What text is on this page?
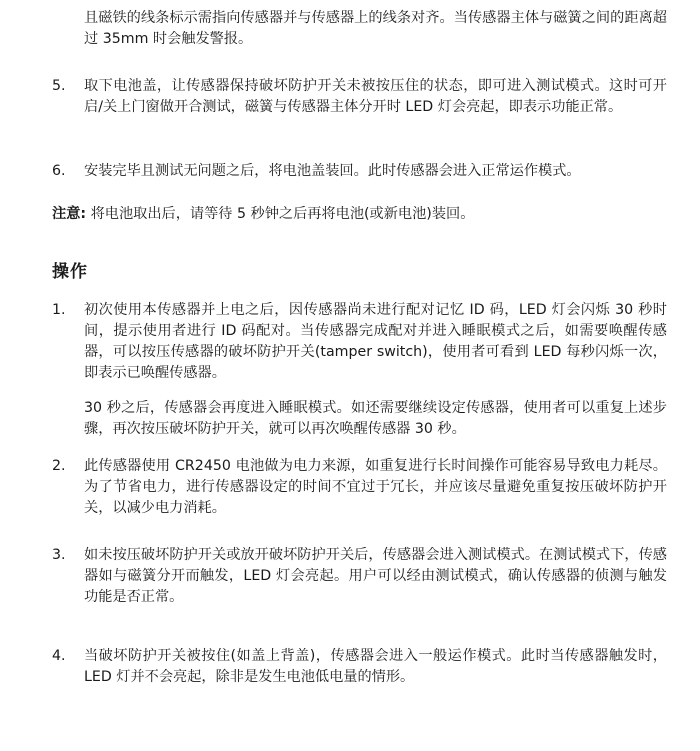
且磁铁的线条标示需指向传感器并与传感器上的线条对齐。当传感器主体与磁簧之间的距离超过 35mm 时会触发警报。
5.	取下电池盖，让传感器保持破坏防护开关未被按压住的状态，即可进入测试模式。这时可开启/关上门窗做开合测试，磁簧与传感器主体分开时 LED 灯会亮起，即表示功能正常。
6.	安装完毕且测试无问题之后，将电池盖装回。此时传感器会进入正常运作模式。
注意: 将电池取出后，请等待 5 秒钟之后再将电池(或新电池)装回。
操作
1.	初次使用本传感器并上电之后，因传感器尚未进行配对记忆 ID 码，LED 灯会闪烁 30 秒时间，提示使用者进行 ID 码配对。当传感器完成配对并进入睡眠模式之后，如需要唤醒传感器，可以按压传感器的破坏防护开关(tamper switch)，使用者可看到 LED 每秒闪烁一次，即表示已唤醒传感器。
30 秒之后，传感器会再度进入睡眠模式。如还需要继续设定传感器，使用者可以重复上述步骤，再次按压破坏防护开关，就可以再次唤醒传感器 30 秒。
2.	此传感器使用 CR2450 电池做为电力来源，如重复进行长时间操作可能容易导致电力耗尽。为了节省电力，进行传感器设定的时间不宜过于冗长，并应该尽量避免重复按压破坏防护开关，以减少电力消耗。
3.	如未按压破坏防护开关或放开破坏防护开关后，传感器会进入测试模式。在测试模式下，传感器如与磁簧分开而触发，LED 灯会亮起。用户可以经由测试模式，确认传感器的侦测与触发功能是否正常。
4.	当破坏防护开关被按住(如盖上背盖)，传感器会进入一般运作模式。此时当传感器触发时，LED 灯并不会亮起，除非是发生电池低电量的情形。
